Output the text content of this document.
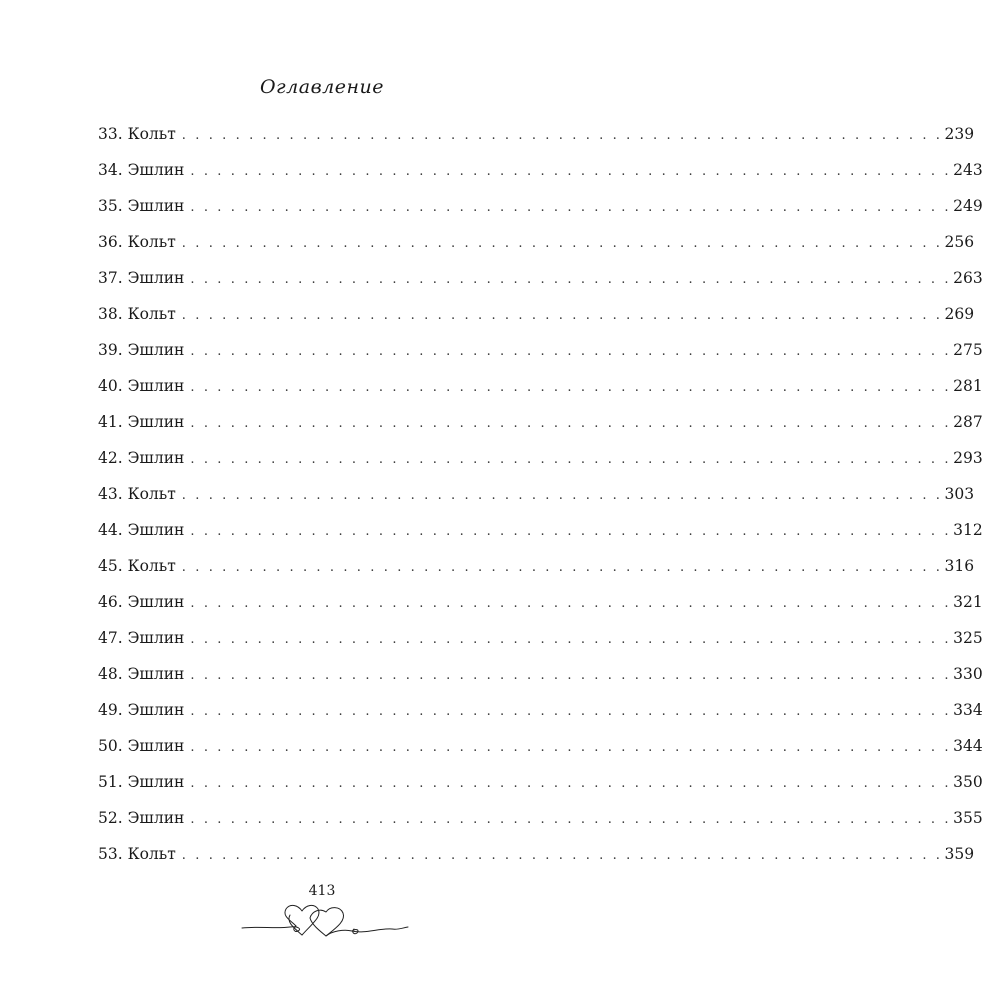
Оглавление
33. Кольт . . . . . . . . . . . . . . . . . . . . . . . . . . . . . . . . . . . . . . . . . . . . . . . . . . . . . . . . . 239
34. Эшлин . . . . . . . . . . . . . . . . . . . . . . . . . . . . . . . . . . . . . . . . . . . . . . . . . . . . . . . . . 243
35. Эшлин . . . . . . . . . . . . . . . . . . . . . . . . . . . . . . . . . . . . . . . . . . . . . . . . . . . . . . . . . 249
36. Кольт . . . . . . . . . . . . . . . . . . . . . . . . . . . . . . . . . . . . . . . . . . . . . . . . . . . . . . . . . 256
37. Эшлин . . . . . . . . . . . . . . . . . . . . . . . . . . . . . . . . . . . . . . . . . . . . . . . . . . . . . . . . . 263
38. Кольт . . . . . . . . . . . . . . . . . . . . . . . . . . . . . . . . . . . . . . . . . . . . . . . . . . . . . . . . . 269
39. Эшлин . . . . . . . . . . . . . . . . . . . . . . . . . . . . . . . . . . . . . . . . . . . . . . . . . . . . . . . . . 275
40. Эшлин . . . . . . . . . . . . . . . . . . . . . . . . . . . . . . . . . . . . . . . . . . . . . . . . . . . . . . . . . 281
41. Эшлин . . . . . . . . . . . . . . . . . . . . . . . . . . . . . . . . . . . . . . . . . . . . . . . . . . . . . . . . . 287
42. Эшлин . . . . . . . . . . . . . . . . . . . . . . . . . . . . . . . . . . . . . . . . . . . . . . . . . . . . . . . . . 293
43. Кольт . . . . . . . . . . . . . . . . . . . . . . . . . . . . . . . . . . . . . . . . . . . . . . . . . . . . . . . . . 303
44. Эшлин . . . . . . . . . . . . . . . . . . . . . . . . . . . . . . . . . . . . . . . . . . . . . . . . . . . . . . . . . 312
45. Кольт . . . . . . . . . . . . . . . . . . . . . . . . . . . . . . . . . . . . . . . . . . . . . . . . . . . . . . . . . 316
46. Эшлин . . . . . . . . . . . . . . . . . . . . . . . . . . . . . . . . . . . . . . . . . . . . . . . . . . . . . . . . . 321
47. Эшлин . . . . . . . . . . . . . . . . . . . . . . . . . . . . . . . . . . . . . . . . . . . . . . . . . . . . . . . . . 325
48. Эшлин . . . . . . . . . . . . . . . . . . . . . . . . . . . . . . . . . . . . . . . . . . . . . . . . . . . . . . . . . 330
49. Эшлин . . . . . . . . . . . . . . . . . . . . . . . . . . . . . . . . . . . . . . . . . . . . . . . . . . . . . . . . . 334
50. Эшлин . . . . . . . . . . . . . . . . . . . . . . . . . . . . . . . . . . . . . . . . . . . . . . . . . . . . . . . . . 344
51. Эшлин . . . . . . . . . . . . . . . . . . . . . . . . . . . . . . . . . . . . . . . . . . . . . . . . . . . . . . . . . 350
52. Эшлин . . . . . . . . . . . . . . . . . . . . . . . . . . . . . . . . . . . . . . . . . . . . . . . . . . . . . . . . . 355
53. Кольт . . . . . . . . . . . . . . . . . . . . . . . . . . . . . . . . . . . . . . . . . . . . . . . . . . . . . . . . . 359
413
